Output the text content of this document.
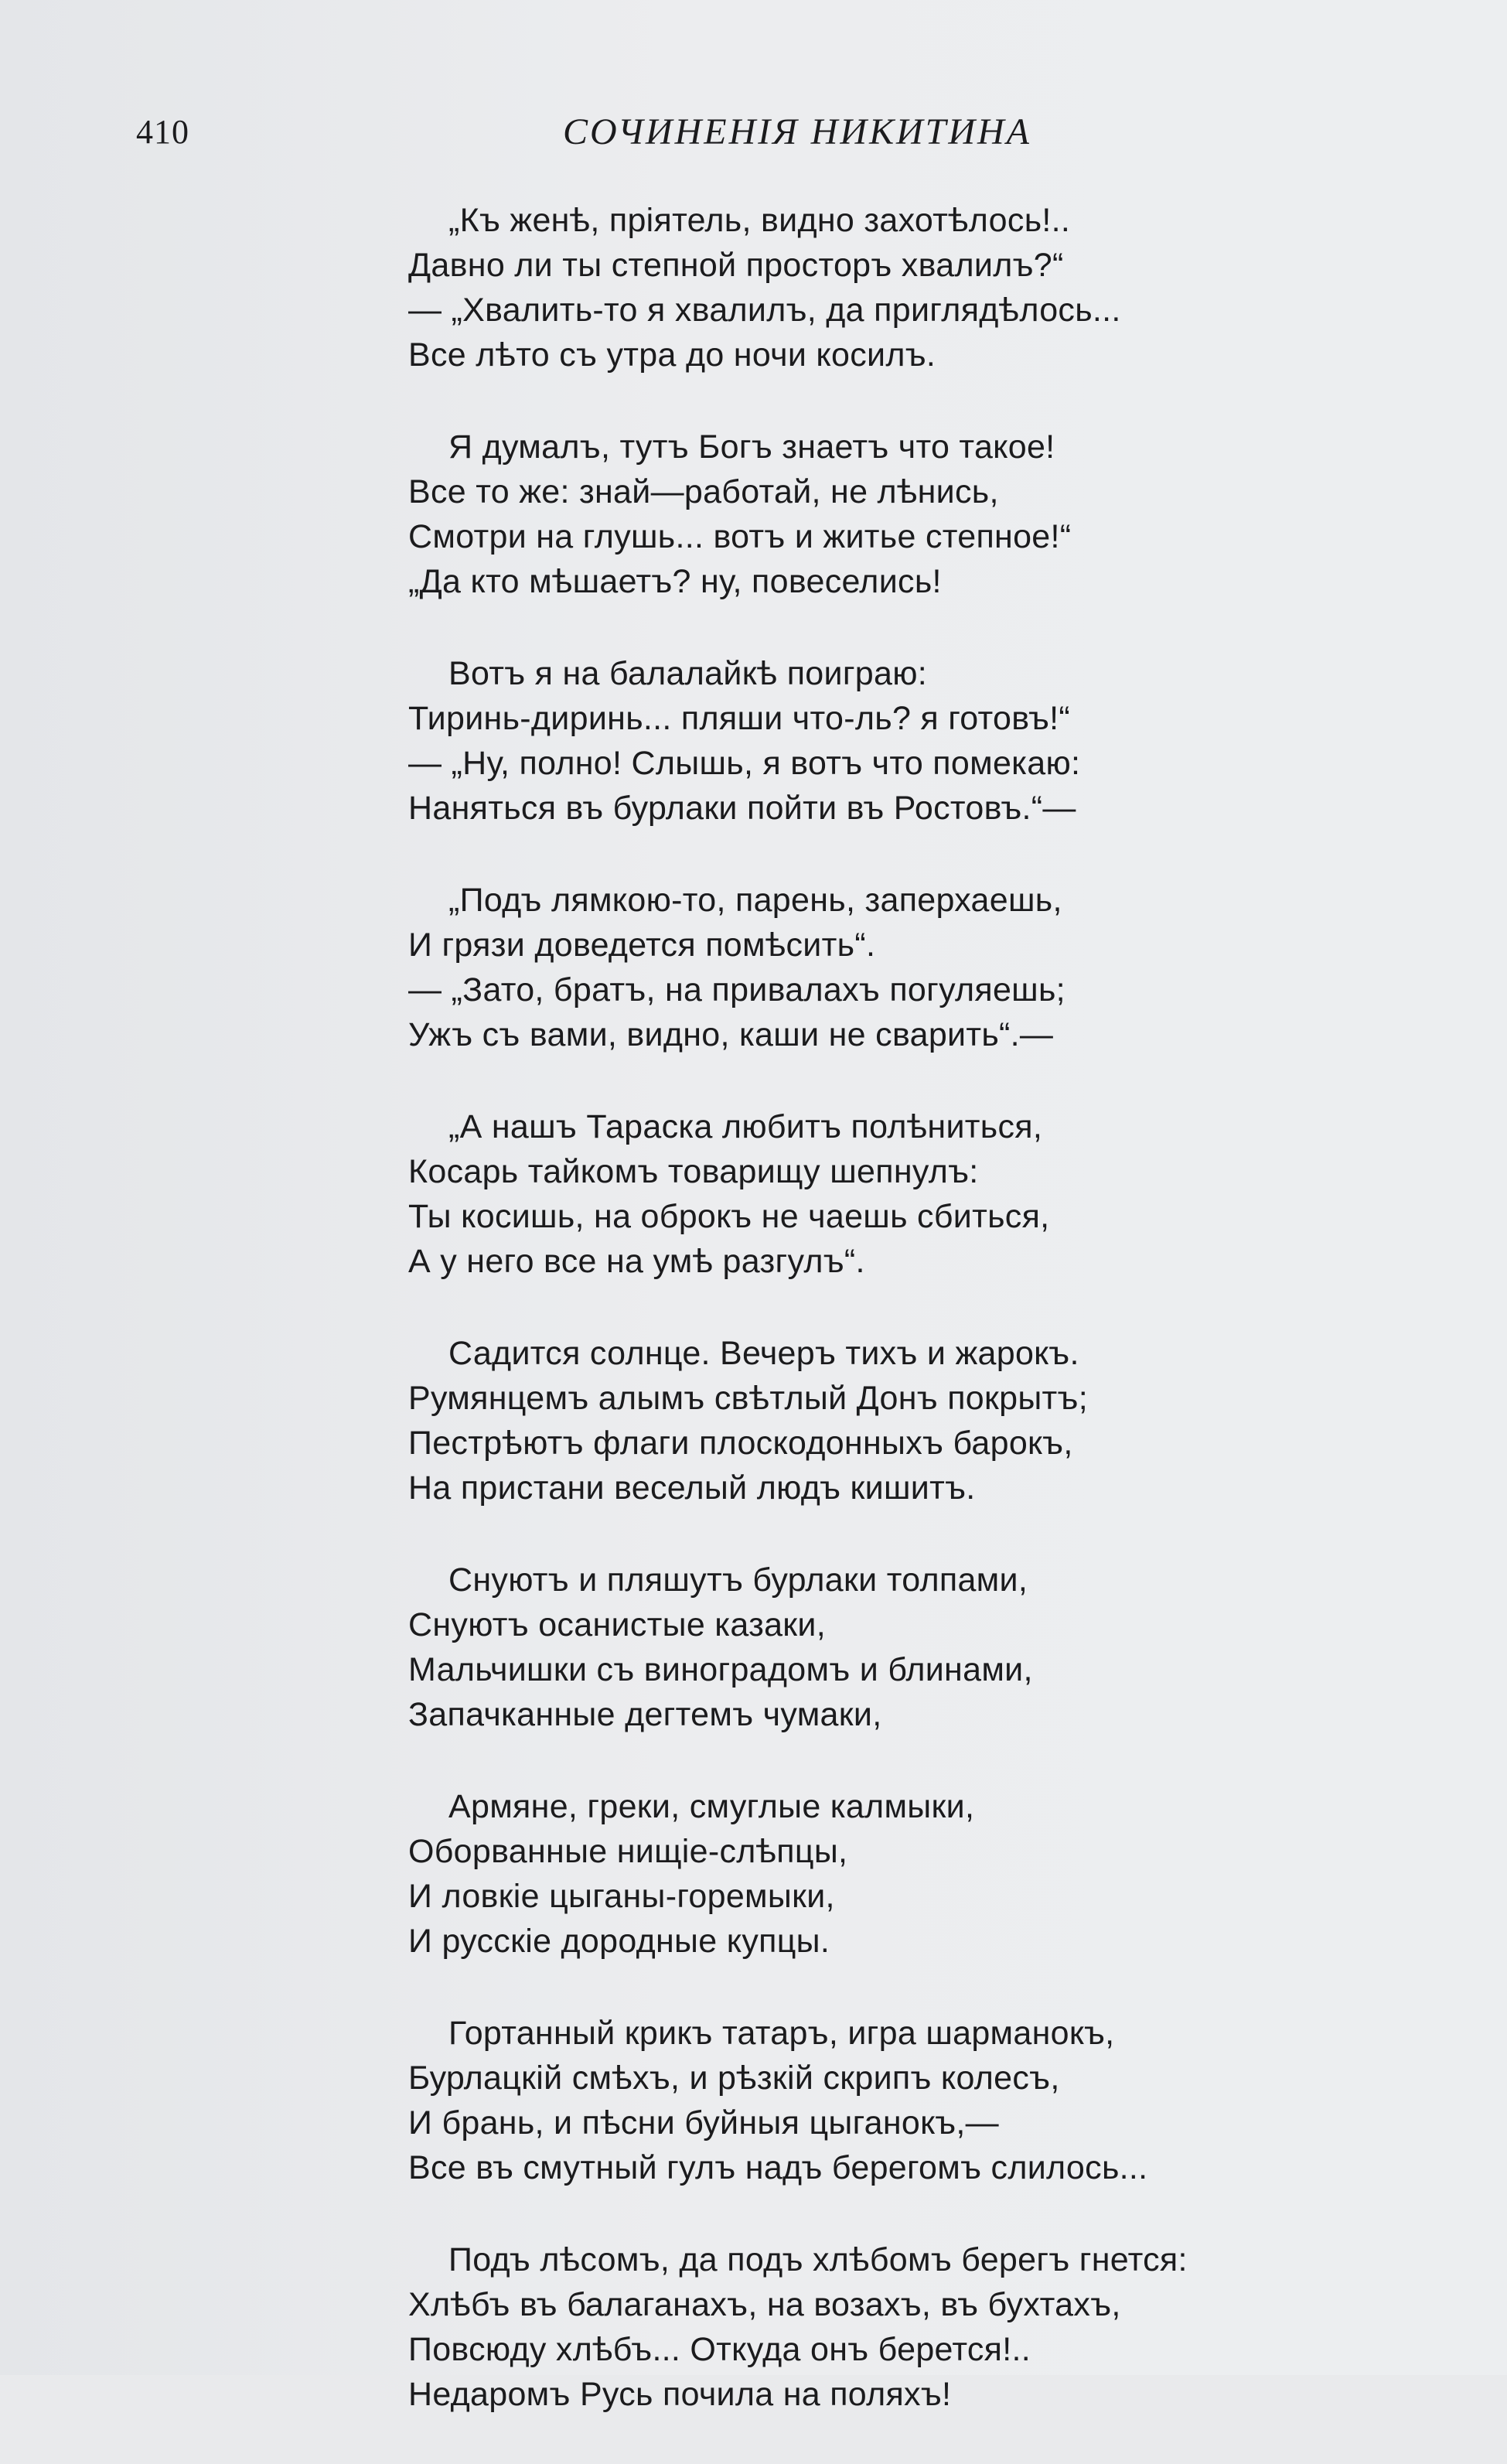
410	СОЧИНЕНІЯ НИКИТИНА
„Къ женѣ, пріятель, видно захотѣлось!..
Давно ли ты степной просторъ хвалилъ?“
— „Хвалить-то я хвалилъ, да приглядѣлось...
Все лѣто съ утра до ночи косилъ.
Я думалъ, тутъ Богъ знаетъ что такое!
Все то же: знай—работай, не лѣнись,
Смотри на глушь... вотъ и житье степное!“
„Да кто мѣшаетъ? ну, повеселись!
Вотъ я на балалайкѣ поиграю:
Тиринь-диринь... пляши что-ль? я готовъ!“
— „Ну, полно! Слышь, я вотъ что помекаю:
Наняться въ бурлаки пойти въ Ростовъ.“—
„Подъ лямкою-то, парень, заперхаешь,
И грязи доведется помѣсить“.
— „Зато, братъ, на привалахъ погуляешь;
Ужъ съ вами, видно, каши не сварить“.—
„А нашъ Тараска любитъ полѣниться,
Косарь тайкомъ товарищу шепнулъ:
Ты косишь, на оброкъ не чаешь сбиться,
А у него все на умѣ разгулъ“.
Садится солнце. Вечеръ тихъ и жарокъ.
Румянцемъ алымъ свѣтлый Донъ покрытъ;
Пестрѣютъ флаги плоскодонныхъ барокъ,
На пристани веселый людъ кишитъ.
Снуютъ и пляшутъ бурлаки толпами,
Снуютъ осанистые казаки,
Мальчишки съ виноградомъ и блинами,
Запачканные дегтемъ чумаки,
Армяне, греки, смуглые калмыки,
Оборванные нищіе-слѣпцы,
И ловкіе цыганы-горемыки,
И русскіе дородные купцы.
Гортанный крикъ татаръ, игра шарманокъ,
Бурлацкій смѣхъ, и рѣзкій скрипъ колесъ,
И брань, и пѣсни буйныя цыганокъ,—
Все въ смутный гулъ надъ берегомъ слилось...
Подъ лѣсомъ, да подъ хлѣбомъ берегъ гнется:
Хлѣбъ въ балаганахъ, на возахъ, въ бухтахъ,
Повсюду хлѣбъ... Откуда онъ берется!..
Недаромъ Русь почила на поляхъ!
